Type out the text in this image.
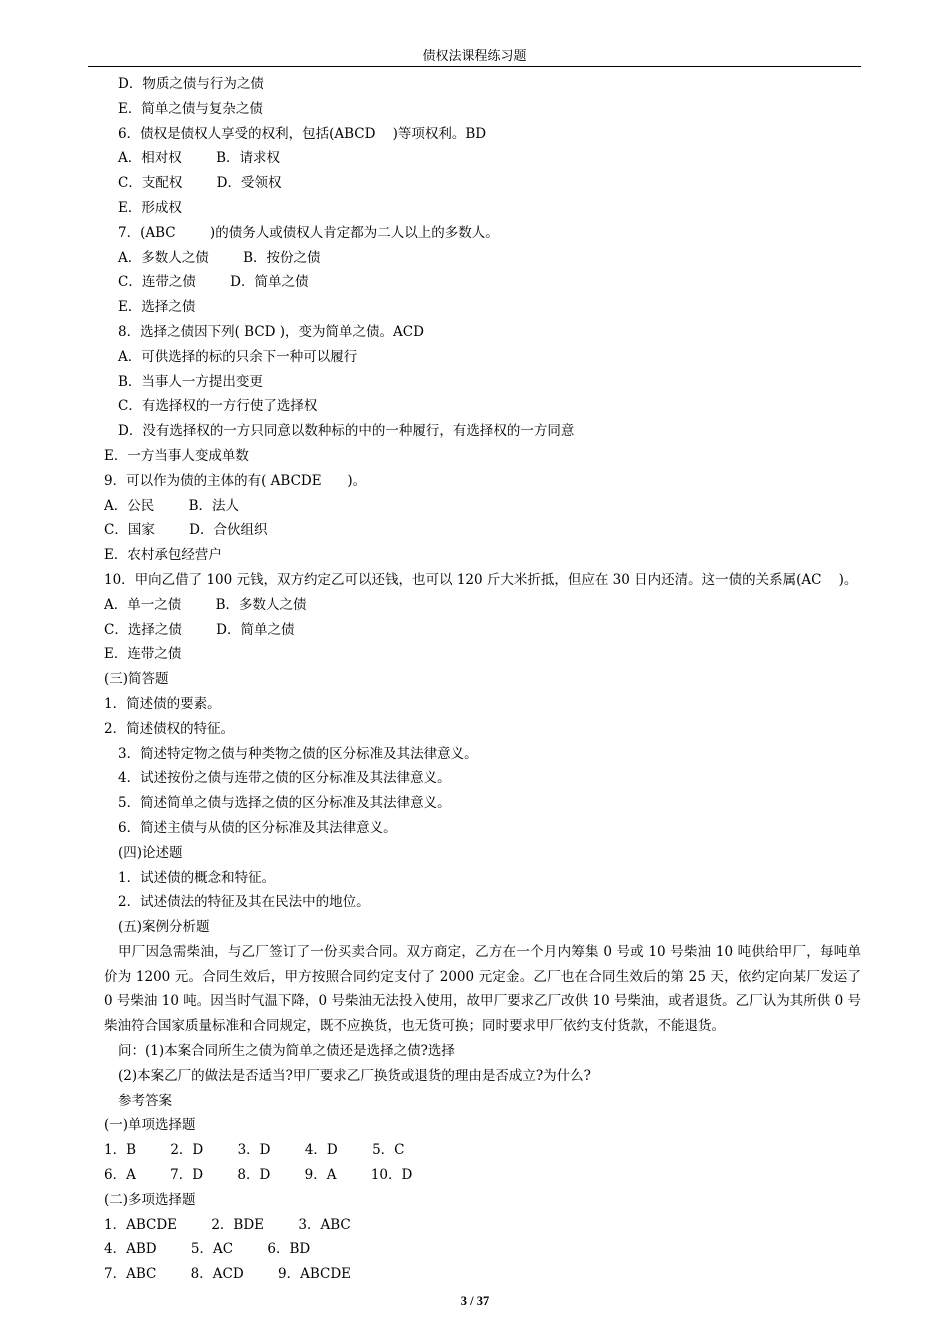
债权法课程练习题
D．物质之债与行为之债
E．简单之债与复杂之债
6．债权是债权人享受的权利，包括(ABCD    )等项权利。BD
A．相对权        B．请求权
C．支配权        D．受领权
E．形成权
7．(ABC        )的债务人或债权人肯定都为二人以上的多数人。
A．多数人之债        B．按份之债
C．连带之债        D．简单之债
E．选择之债
8．选择之债因下列( BCD )，变为简单之债。ACD
A．可供选择的标的只余下一种可以履行
B．当事人一方提出变更
C．有选择权的一方行使了选择权
D．没有选择权的一方只同意以数种标的中的一种履行，有选择权的一方同意
E．一方当事人变成单数
9．可以作为债的主体的有( ABCDE      )。
A．公民        B．法人
C．国家        D．合伙组织
E．农村承包经营户
10．甲向乙借了 100 元钱，双方约定乙可以还钱，也可以 120 斤大米折抵，但应在 30 日内还清。这一债的关系属(AC    )。
A．单一之债        B．多数人之债
C．选择之债        D．简单之债
E．连带之债
(三)简答题
1．简述债的要素。
2．简述债权的特征。
3．简述特定物之债与种类物之债的区分标准及其法律意义。
4．试述按份之债与连带之债的区分标准及其法律意义。
5．简述简单之债与选择之债的区分标准及其法律意义。
6．简述主债与从债的区分标准及其法律意义。
(四)论述题
1．试述债的概念和特征。
2．试述债法的特征及其在民法中的地位。
(五)案例分析题
甲厂因急需柴油，与乙厂签订了一份买卖合同。双方商定，乙方在一个月内筹集 0 号或 10 号柴油 10 吨供给甲厂，每吨单价为 1200 元。合同生效后，甲方按照合同约定支付了 2000 元定金。乙厂也在合同生效后的第 25 天，依约定向某厂发运了 0 号柴油 10 吨。因当时气温下降，0 号柴油无法投入使用，故甲厂要求乙厂改供 10 号柴油，或者退货。乙厂认为其所供 0 号柴油符合国家质量标准和合同规定，既不应换货，也无货可换；同时要求甲厂依约支付货款，不能退货。
问：(1)本案合同所生之债为简单之债还是选择之债?选择
(2)本案乙厂的做法是否适当?甲厂要求乙厂换货或退货的理由是否成立?为什么?
参考答案
(一)单项选择题
1．B        2．D        3．D        4．D        5．C
6．A        7．D        8．D        9．A        10．D
(二)多项选择题
1．ABCDE        2．BDE        3．ABC
4．ABD        5．AC        6．BD
7．ABC        8．ACD        9．ABCDE
3 / 37
